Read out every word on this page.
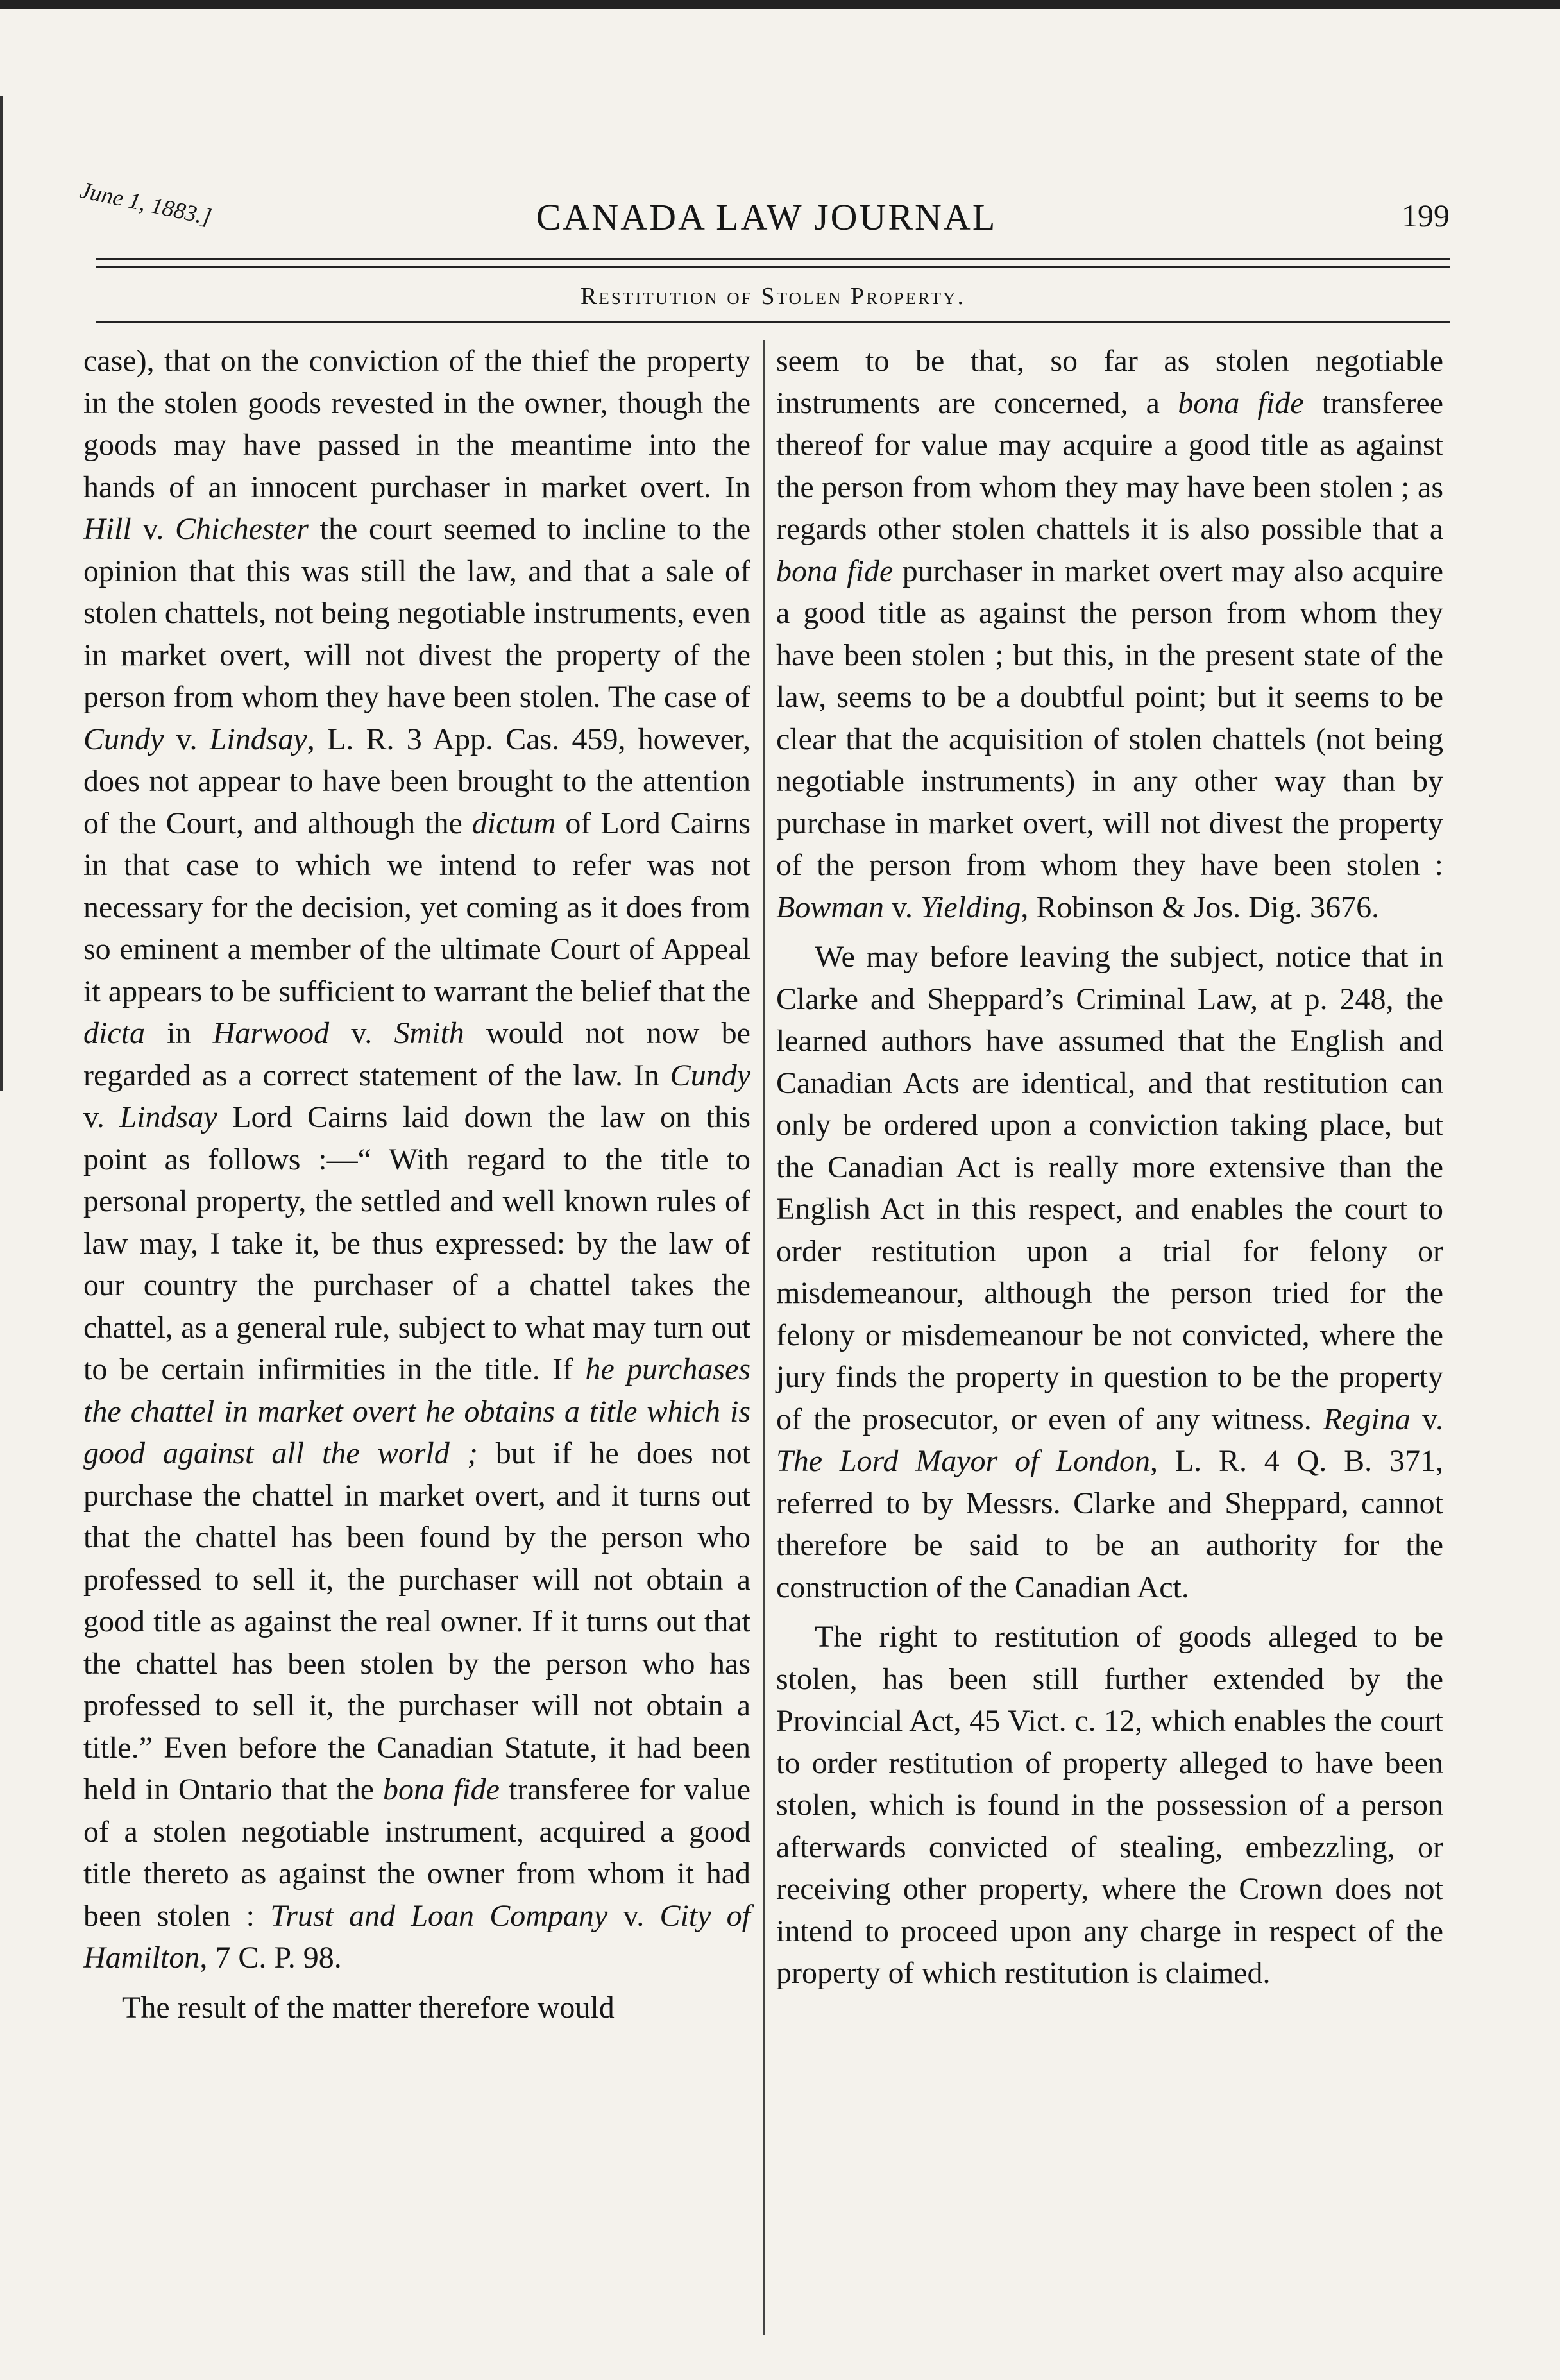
June 1, 1883.]	CANADA LAW JOURNAL	199
Restitution of Stolen Property.

case), that on the conviction of the thief the property in the stolen goods revested in the owner, though the goods may have passed in the meantime into the hands of an innocent purchaser in market overt. In Hill v. Chichester the court seemed to incline to the opinion that this was still the law, and that a sale of stolen chattels, not being negotiable instruments, even in market overt, will not divest the property of the person from whom they have been stolen. The case of Cundy v. Lindsay, L. R. 3 App. Cas. 459, however, does not appear to have been brought to the attention of the Court, and although the dictum of Lord Cairns in that case to which we intend to refer was not necessary for the decision, yet coming as it does from so eminent a member of the ultimate Court of Appeal it appears to be sufficient to warrant the belief that the dicta in Harwood v. Smith would not now be regarded as a correct statement of the law. In Cundy v. Lindsay Lord Cairns laid down the law on this point as follows :—“ With regard to the title to personal property, the settled and well known rules of law may, I take it, be thus expressed: by the law of our country the purchaser of a chattel takes the chattel, as a general rule, subject to what may turn out to be certain infirmities in the title. If he purchases the chattel in market overt he obtains a title which is good against all the world ; but if he does not purchase the chattel in market overt, and it turns out that the chattel has been found by the person who professed to sell it, the purchaser will not obtain a good title as against the real owner. If it turns out that the chattel has been stolen by the person who has professed to sell it, the purchaser will not obtain a title.” Even before the Canadian Statute, it had been held in Ontario that the bona fide transferee for value of a stolen negotiable instrument, acquired a good title thereto as against the owner from whom it had been stolen : Trust and Loan Company v. City of Hamilton, 7 C. P. 98.

The result of the matter therefore would

seem to be that, so far as stolen negotiable instruments are concerned, a bona fide transferee thereof for value may acquire a good title as against the person from whom they may have been stolen ; as regards other stolen chattels it is also possible that a bona fide purchaser in market overt may also acquire a good title as against the person from whom they have been stolen ; but this, in the present state of the law, seems to be a doubtful point; but it seems to be clear that the acquisition of stolen chattels (not being negotiable instruments) in any other way than by purchase in market overt, will not divest the property of the person from whom they have been stolen : Bowman v. Yielding, Robinson & Jos. Dig. 3676.

We may before leaving the subject, notice that in Clarke and Sheppard’s Criminal Law, at p. 248, the learned authors have assumed that the English and Canadian Acts are identical, and that restitution can only be ordered upon a conviction taking place, but the Canadian Act is really more extensive than the English Act in this respect, and enables the court to order restitution upon a trial for felony or misdemeanour, although the person tried for the felony or misdemeanour be not convicted, where the jury finds the property in question to be the property of the prosecutor, or even of any witness. Regina v. The Lord Mayor of London, L. R. 4 Q. B. 371, referred to by Messrs. Clarke and Sheppard, cannot therefore be said to be an authority for the construction of the Canadian Act.

The right to restitution of goods alleged to be stolen, has been still further extended by the Provincial Act, 45 Vict. c. 12, which enables the court to order restitution of property alleged to have been stolen, which is found in the possession of a person afterwards convicted of stealing, embezzling, or receiving other property, where the Crown does not intend to proceed upon any charge in respect of the property of which restitution is claimed.
